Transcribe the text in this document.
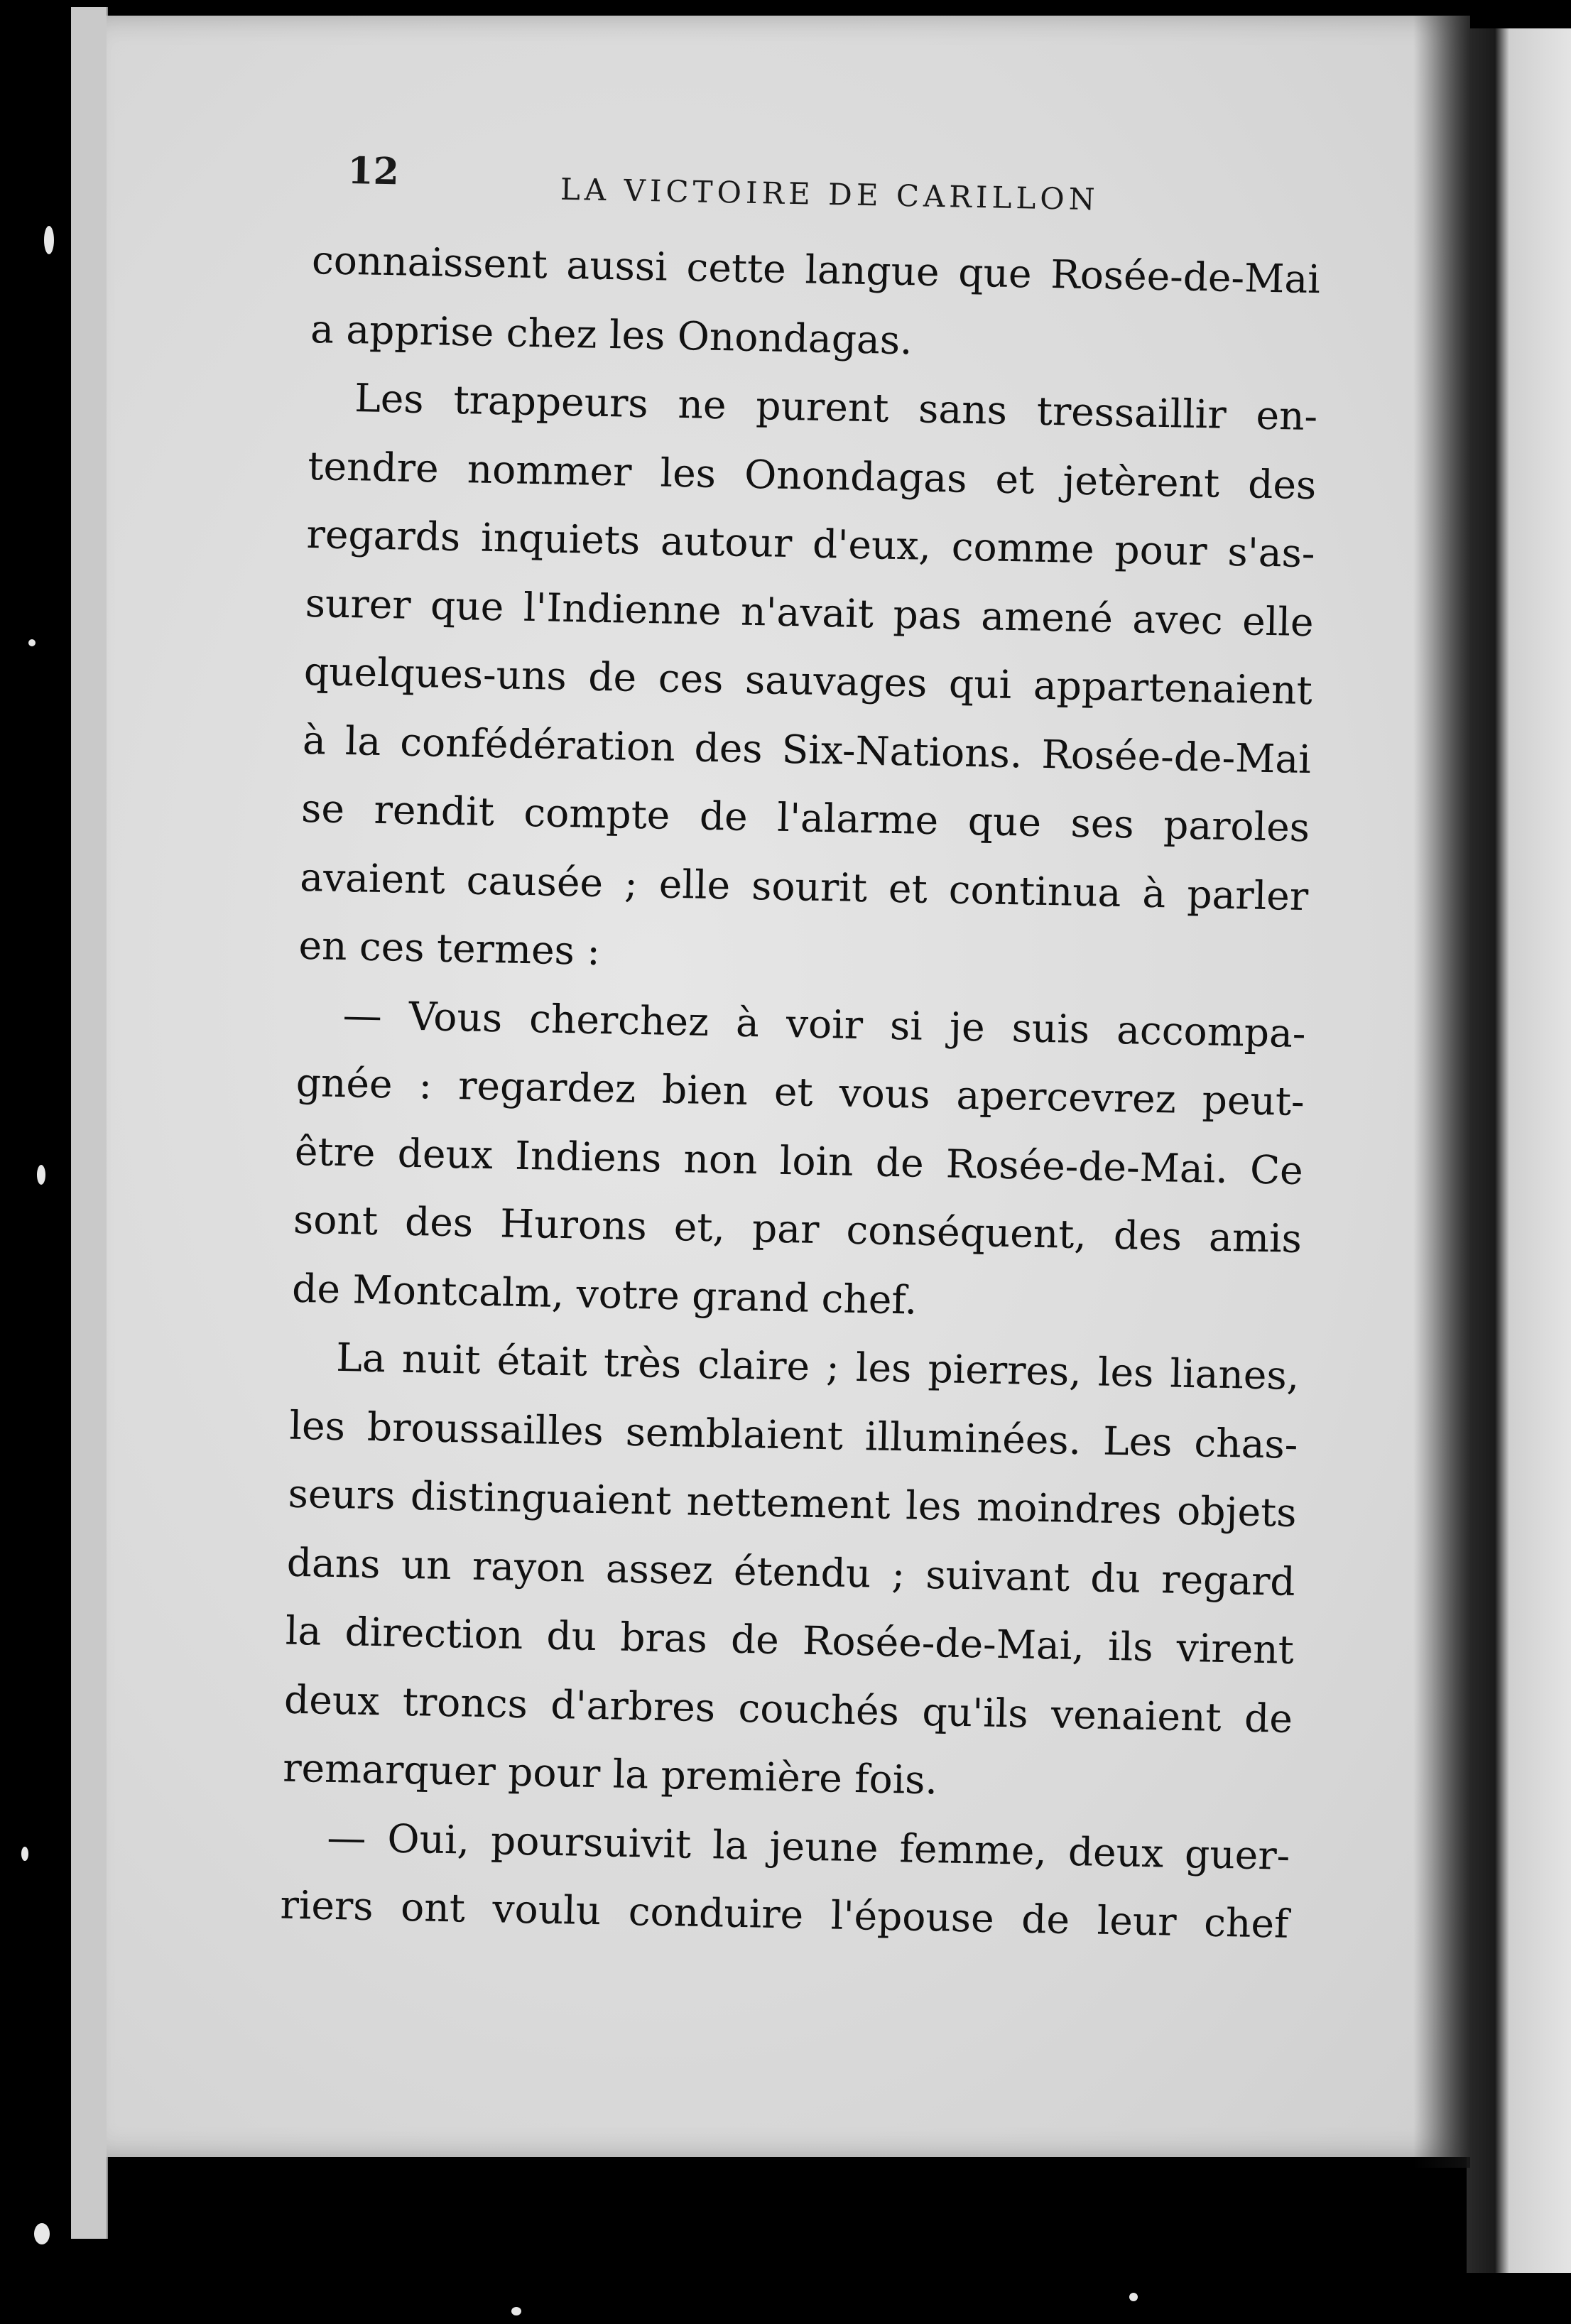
12
LA VICTOIRE DE CARILLON
connaissent aussi cette langue que Rosée-de-Mai
a apprise chez les Onondagas.
Les trappeurs ne purent sans tressaillir en-
tendre nommer les Onondagas et jetèrent des
regards inquiets autour d'eux, comme pour s'as-
surer que l'Indienne n'avait pas amené avec elle
quelques-uns de ces sauvages qui appartenaient
à la confédération des Six-Nations. Rosée-de-Mai
se rendit compte de l'alarme que ses paroles
avaient causée ; elle sourit et continua à parler
en ces termes :
— Vous cherchez à voir si je suis accompa-
gnée : regardez bien et vous apercevrez peut-
être deux Indiens non loin de Rosée-de-Mai. Ce
sont des Hurons et, par conséquent, des amis
de Montcalm, votre grand chef.
La nuit était très claire ; les pierres, les lianes,
les broussailles semblaient illuminées. Les chas-
seurs distinguaient nettement les moindres objets
dans un rayon assez étendu ; suivant du regard
la direction du bras de Rosée-de-Mai, ils virent
deux troncs d'arbres couchés qu'ils venaient de
remarquer pour la première fois.
— Oui, poursuivit la jeune femme, deux guer-
riers ont voulu conduire l'épouse de leur chef
